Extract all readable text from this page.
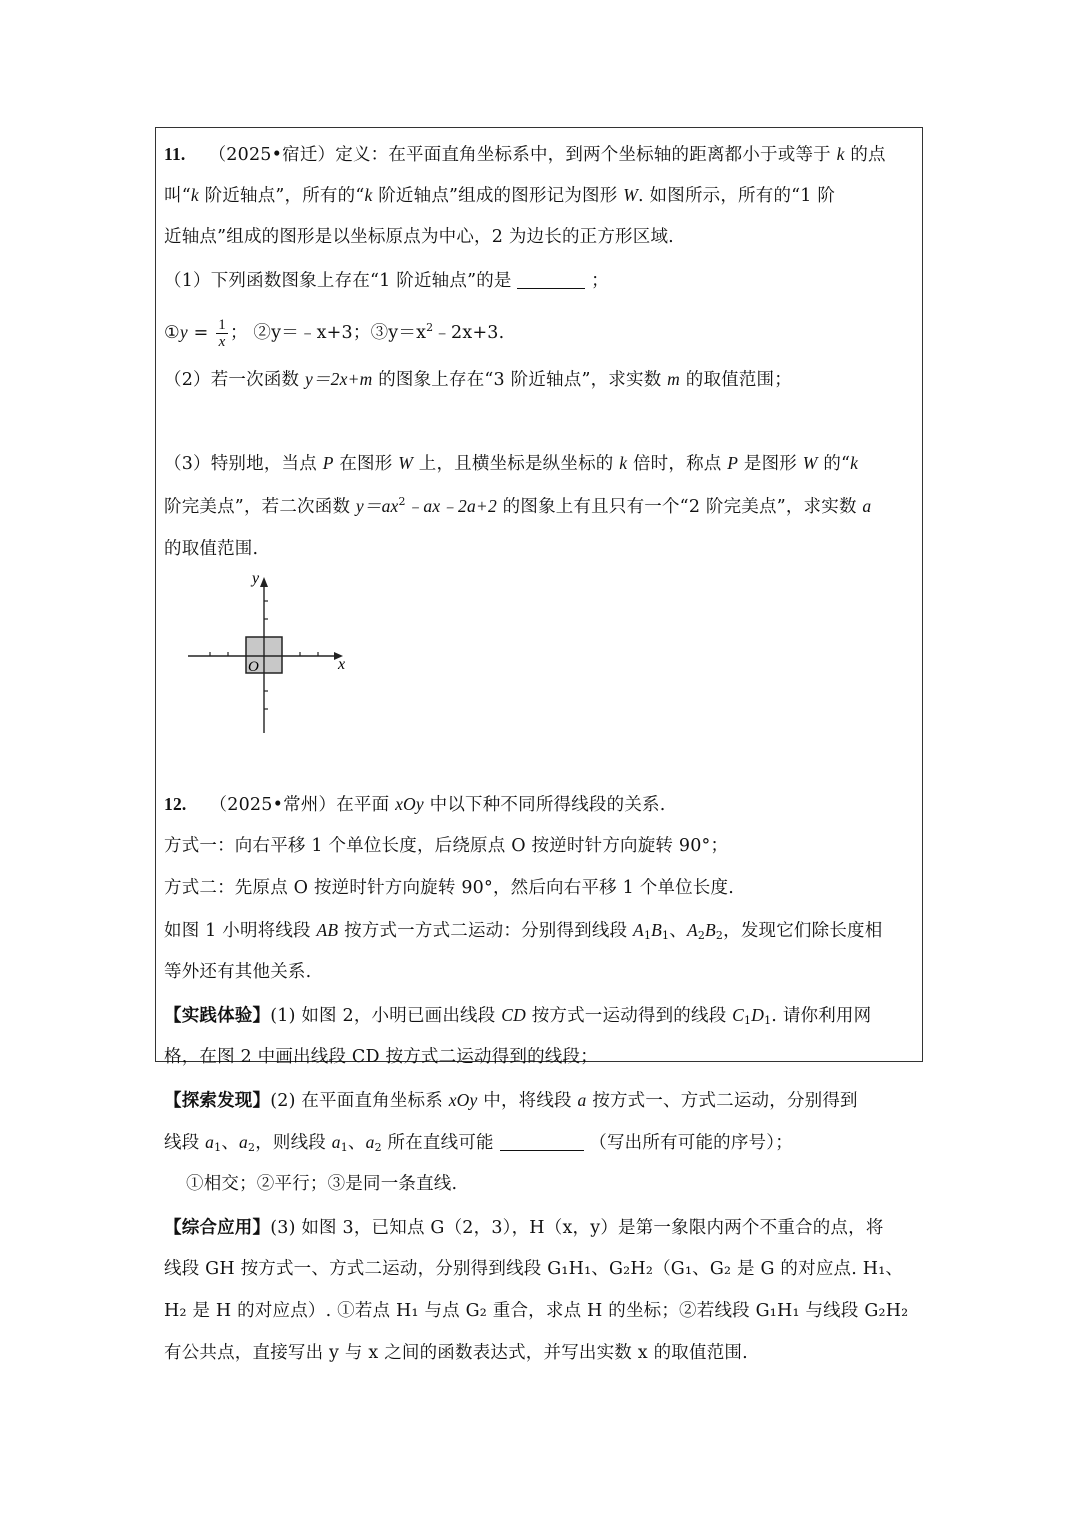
11. （2025•宿迁）定义：在平面直角坐标系中，到两个坐标轴的距离都小于或等于 k 的点
叫“k 阶近轴点”，所有的“k 阶近轴点”组成的图形记为图形 W. 如图所示，所有的“1 阶
近轴点”组成的图形是以坐标原点为中心，2 为边长的正方形区域.
（1）下列函数图象上存在“1 阶近轴点”的是	；
①y = $\frac{1}{x}$ ； ②y＝﹣x+3；$③y=x^2﹣2x+3$.
（2）若一次函数 y＝2x+m 的图象上存在“3 阶近轴点”，求实数 m 的取值范围；
（3）特别地，当点 P 在图形 W 上，且横坐标是纵坐标的 k 倍时，称点 P 是图形 W 的“k
阶完美点”，若二次函数 $y=ax^2﹣ax﹣2a+2$ 的图象上有且只有一个“2 阶完美点”，求实数 a
的取值范围.
y
x
O
12. （2025•常州）在平面 xOy 中以下种不同所得线段的关系.
方式一：向右平移 1 个单位长度，后绕原点 O 按逆时针方向旋转 90°；
方式二：先原点 O 按逆时针方向旋转 90°，然后向右平移 1 个单位长度.
如图 1 小明将线段 AB 按方式一方式二运动：分别得到线段 $A_1B_1$、$A_2B_2$，发现它们除长度相
等外还有其他关系.
【实践体验】(1) 如图 2，小明已画出线段 CD 按方式一运动得到的线段 $C_1D_1$. 请你利用网
格，在图 2 中画出线段 CD 按方式二运动得到的线段；
【探索发现】(2) 在平面直角坐标系 xOy 中，将线段 a 按方式一、方式二运动，分别得到
线段 $a_1$、$a_2$，则线段 $a_1$、$a_2$ 所在直线可能	（写出所有可能的序号）；
①相交；②平行；③是同一条直线.
【综合应用】(3) 如图 3，已知点 G（2，3），H（x，y）是第一象限内两个不重合的点，将
线段 GH 按方式一、方式二运动，分别得到线段 G₁H₁、G₂H₂（G₁、G₂ 是 G 的对应点. H₁、
H₂ 是 H 的对应点）. ①若点 H₁ 与点 G₂ 重合，求点 H 的坐标；②若线段 G₁H₁ 与线段 G₂H₂
有公共点，直接写出 y 与 x 之间的函数表达式，并写出实数 x 的取值范围.
